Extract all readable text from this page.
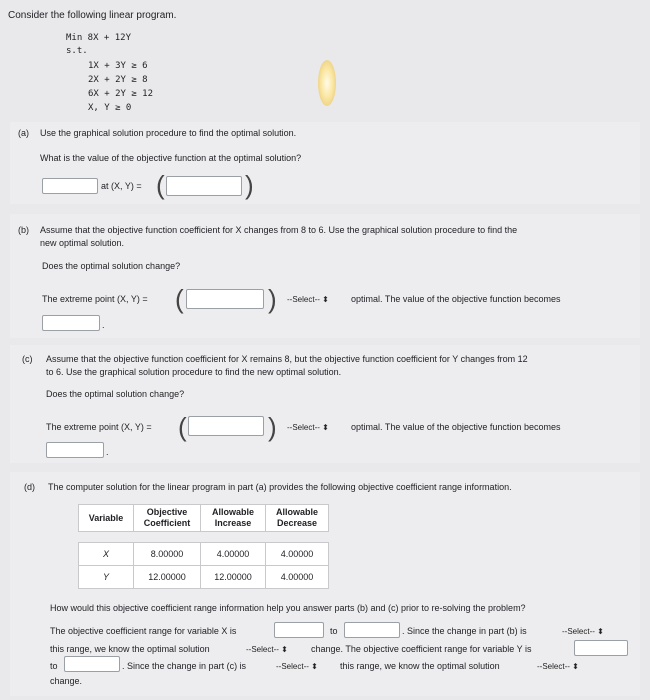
Consider the following linear program.
Min 8X + 12Y
s.t.
1X + 3Y ≥ 6
2X + 2Y ≥ 8
6X + 2Y ≥ 12
X, Y ≥ 0
(a) Use the graphical solution procedure to find the optimal solution.
What is the value of the objective function at the optimal solution?
at (X, Y) = (	)
(b) Assume that the objective function coefficient for X changes from 8 to 6. Use the graphical solution procedure to find the
new optimal solution.
Does the optimal solution change?
The extreme point (X, Y) = (	) --Select-- ⬍ optimal. The value of the objective function becomes
.
(c) Assume that the objective function coefficient for X remains 8, but the objective function coefficient for Y changes from 12
to 6. Use the graphical solution procedure to find the new optimal solution.
Does the optimal solution change?
The extreme point (X, Y) = (	) --Select-- ⬍ optimal. The value of the objective function becomes
.
(d) The computer solution for the linear program in part (a) provides the following objective coefficient range information.
Variable	Objective Coefficient	Allowable Increase	Allowable Decrease

X	8.00000	4.00000	4.00000
Y	12.00000	12.00000	4.00000
How would this objective coefficient range information help you answer parts (b) and (c) prior to re-solving the problem?
The objective coefficient range for variable X is	to	. Since the change in part (b) is	--Select-- ⬍
this range, we know the optimal solution	--Select-- ⬍	change. The objective coefficient range for variable Y is
to	. Since the change in part (c) is	--Select-- ⬍ this range, we know the optimal solution	--Select-- ⬍
change.
